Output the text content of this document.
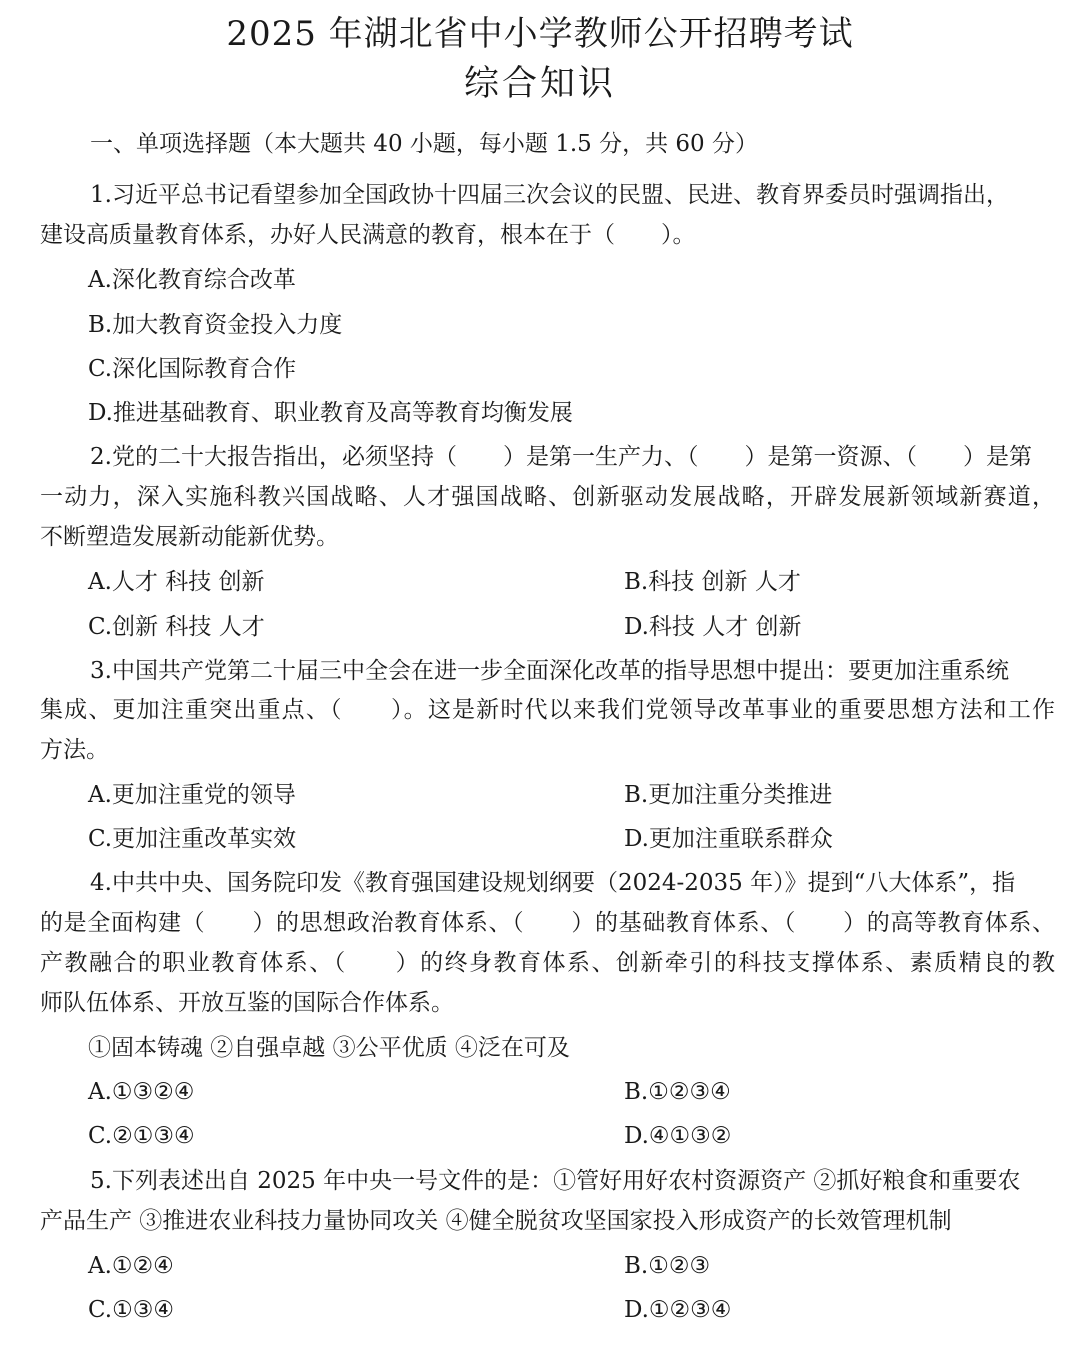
2025 年湖北省中小学教师公开招聘考试
综合知识
一、单项选择题（本大题共 40 小题，每小题 1.5 分，共 60 分）
1.习近平总书记看望参加全国政协十四届三次会议的民盟、民进、教育界委员时强调指出，
建设高质量教育体系，办好人民满意的教育，根本在于（　　）。
A.深化教育综合改革
B.加大教育资金投入力度
C.深化国际教育合作
D.推进基础教育、职业教育及高等教育均衡发展
2.党的二十大报告指出，必须坚持（　　）是第一生产力、（　　）是第一资源、（　　）是第
一动力，深入实施科教兴国战略、人才强国战略、创新驱动发展战略，开辟发展新领域新赛道，
不断塑造发展新动能新优势。
A.人才 科技 创新	B.科技 创新 人才
C.创新 科技 人才	D.科技 人才 创新
3.中国共产党第二十届三中全会在进一步全面深化改革的指导思想中提出：要更加注重系统
集成、更加注重突出重点、（　　）。这是新时代以来我们党领导改革事业的重要思想方法和工作
方法。
A.更加注重党的领导	B.更加注重分类推进
C.更加注重改革实效	D.更加注重联系群众
4.中共中央、国务院印发《教育强国建设规划纲要（2024-2035 年）》提到“八大体系”，指
的是全面构建（　　）的思想政治教育体系、（　　）的基础教育体系、（　　）的高等教育体系、
产教融合的职业教育体系、（　　）的终身教育体系、创新牵引的科技支撑体系、素质精良的教
师队伍体系、开放互鉴的国际合作体系。
①固本铸魂 ②自强卓越 ③公平优质 ④泛在可及
A.①③②④	B.①②③④
C.②①③④	D.④①③②
5.下列表述出自 2025 年中央一号文件的是：①管好用好农村资源资产 ②抓好粮食和重要农
产品生产 ③推进农业科技力量协同攻关 ④健全脱贫攻坚国家投入形成资产的长效管理机制
A.①②④	B.①②③
C.①③④	D.①②③④
